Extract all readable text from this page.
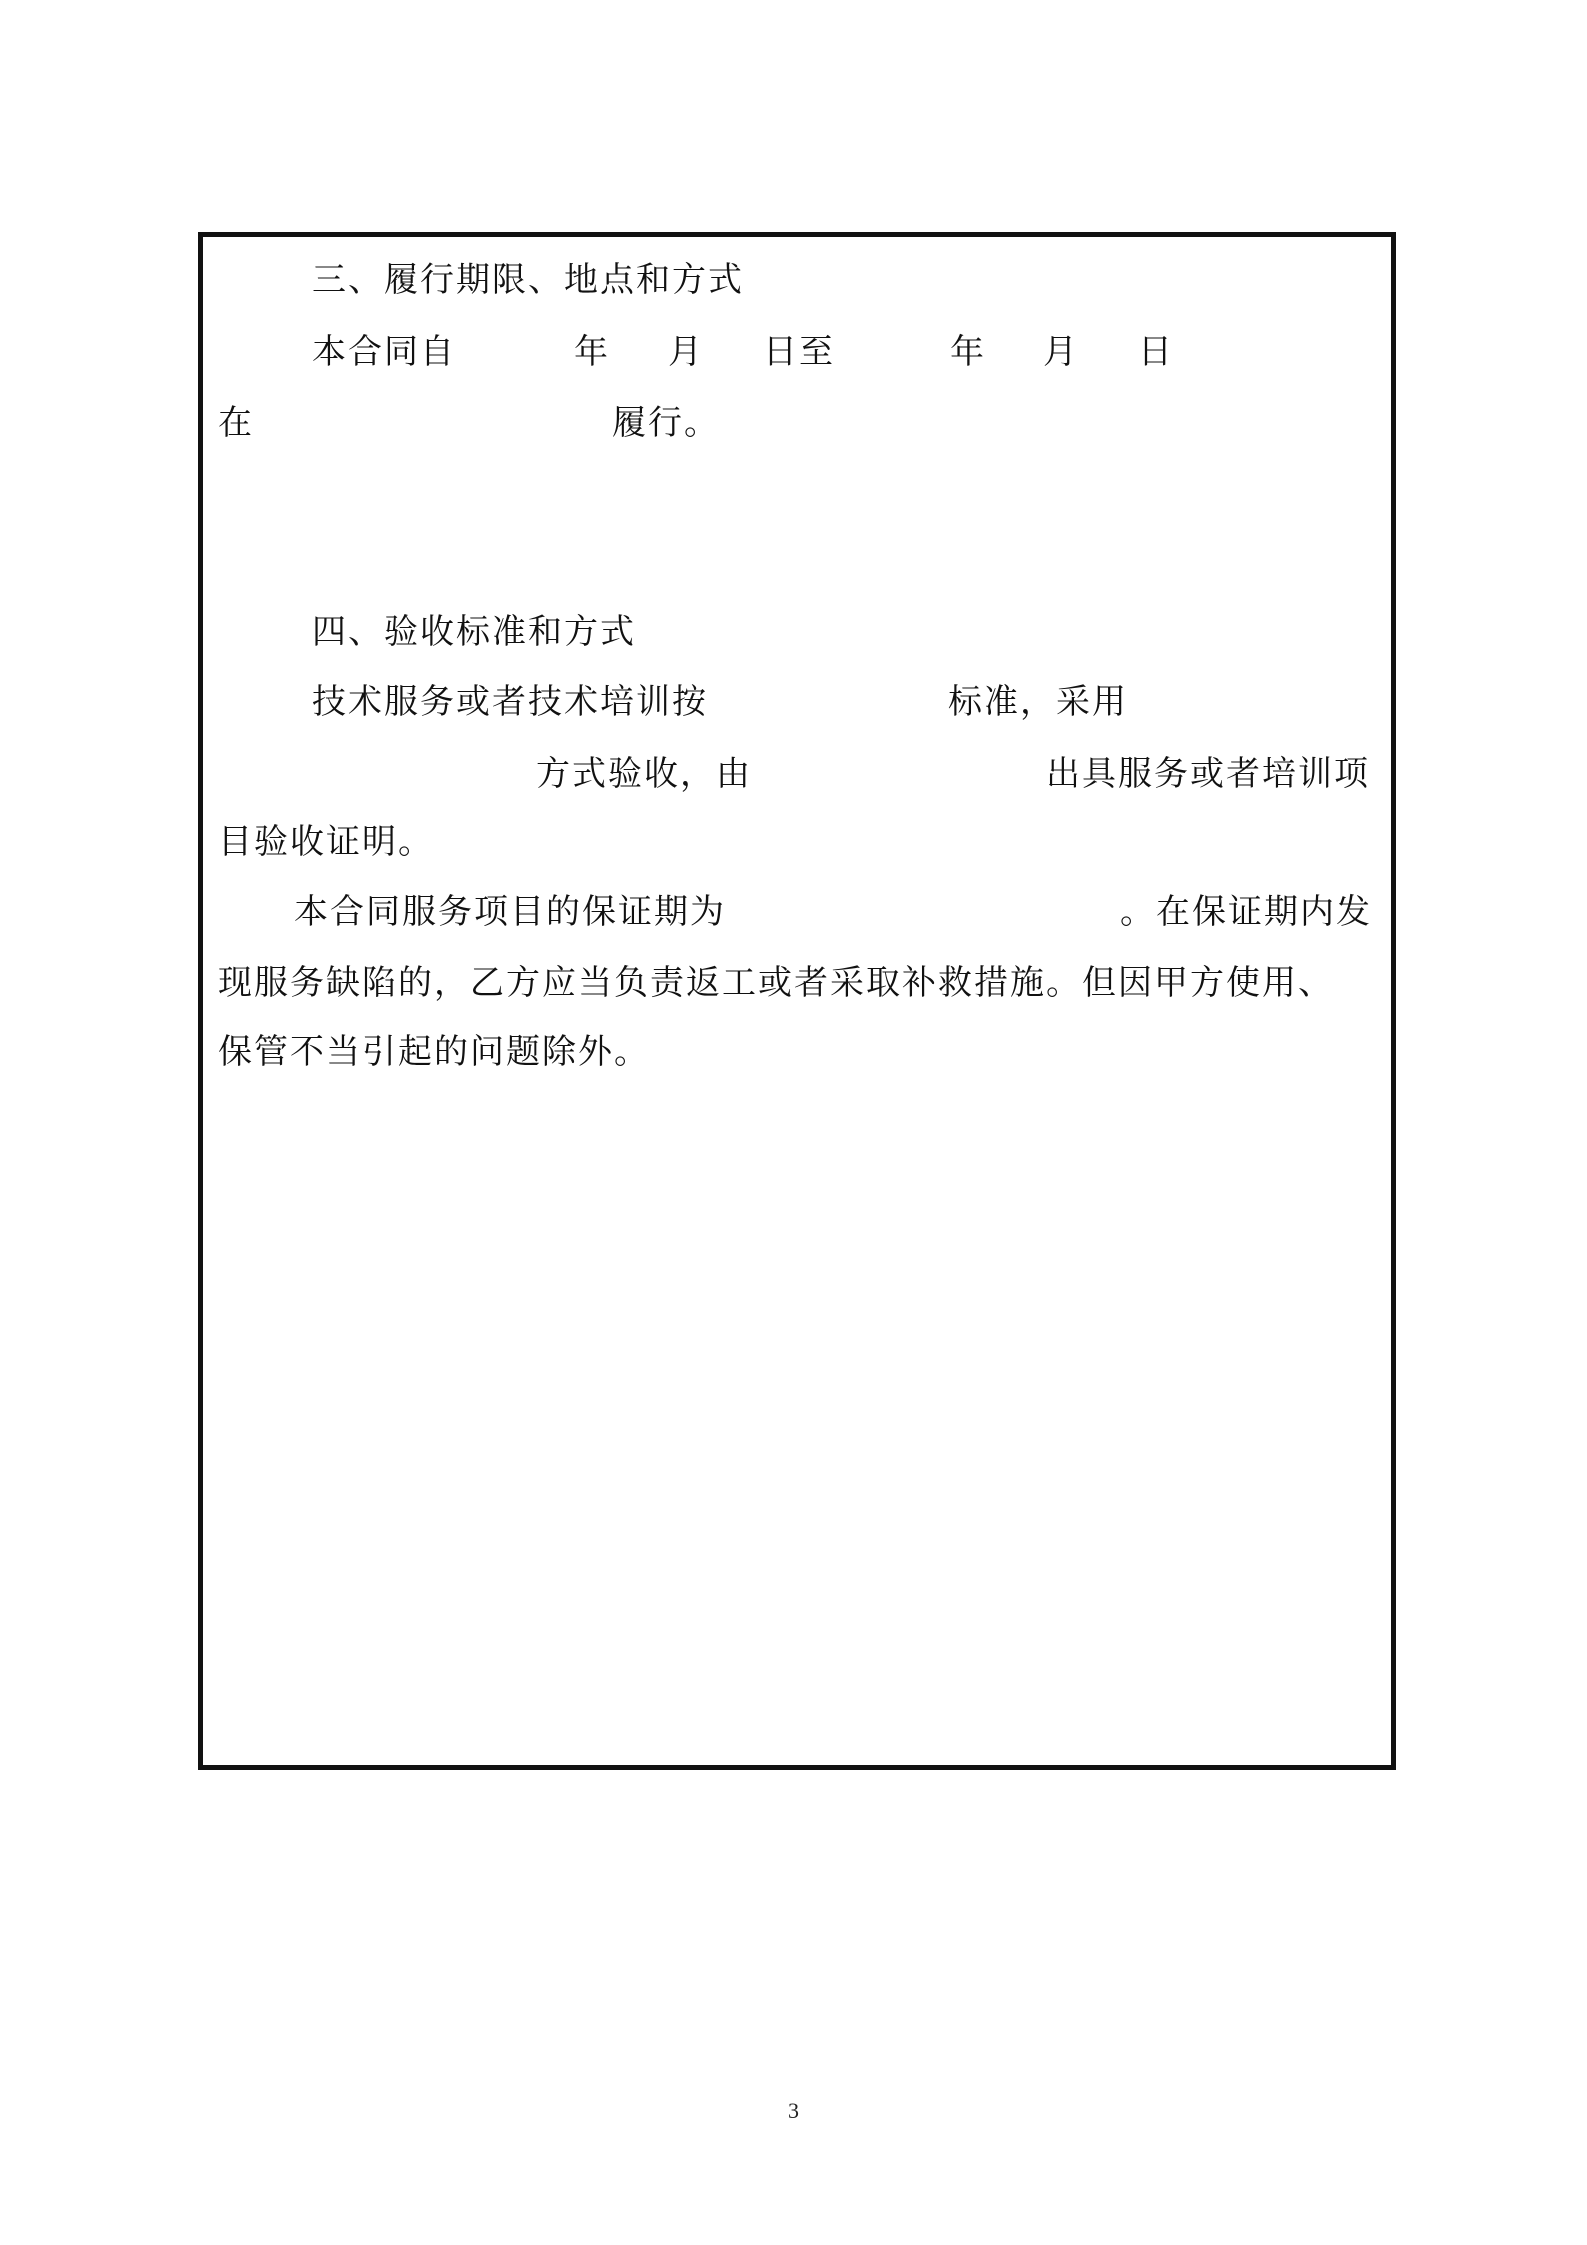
三、履行期限、地点和方式
本合同自	年 月 日至	年 月 日
在	履行。
四、验收标准和方式
技术服务或者技术培训按	标准，采用
方式验收，由	出具服务或者培训项
目验收证明。
本合同服务项目的保证期为	。在保证期内发
现服务缺陷的，乙方应当负责返工或者采取补救措施。但因甲方使用、
保管不当引起的问题除外。
3
